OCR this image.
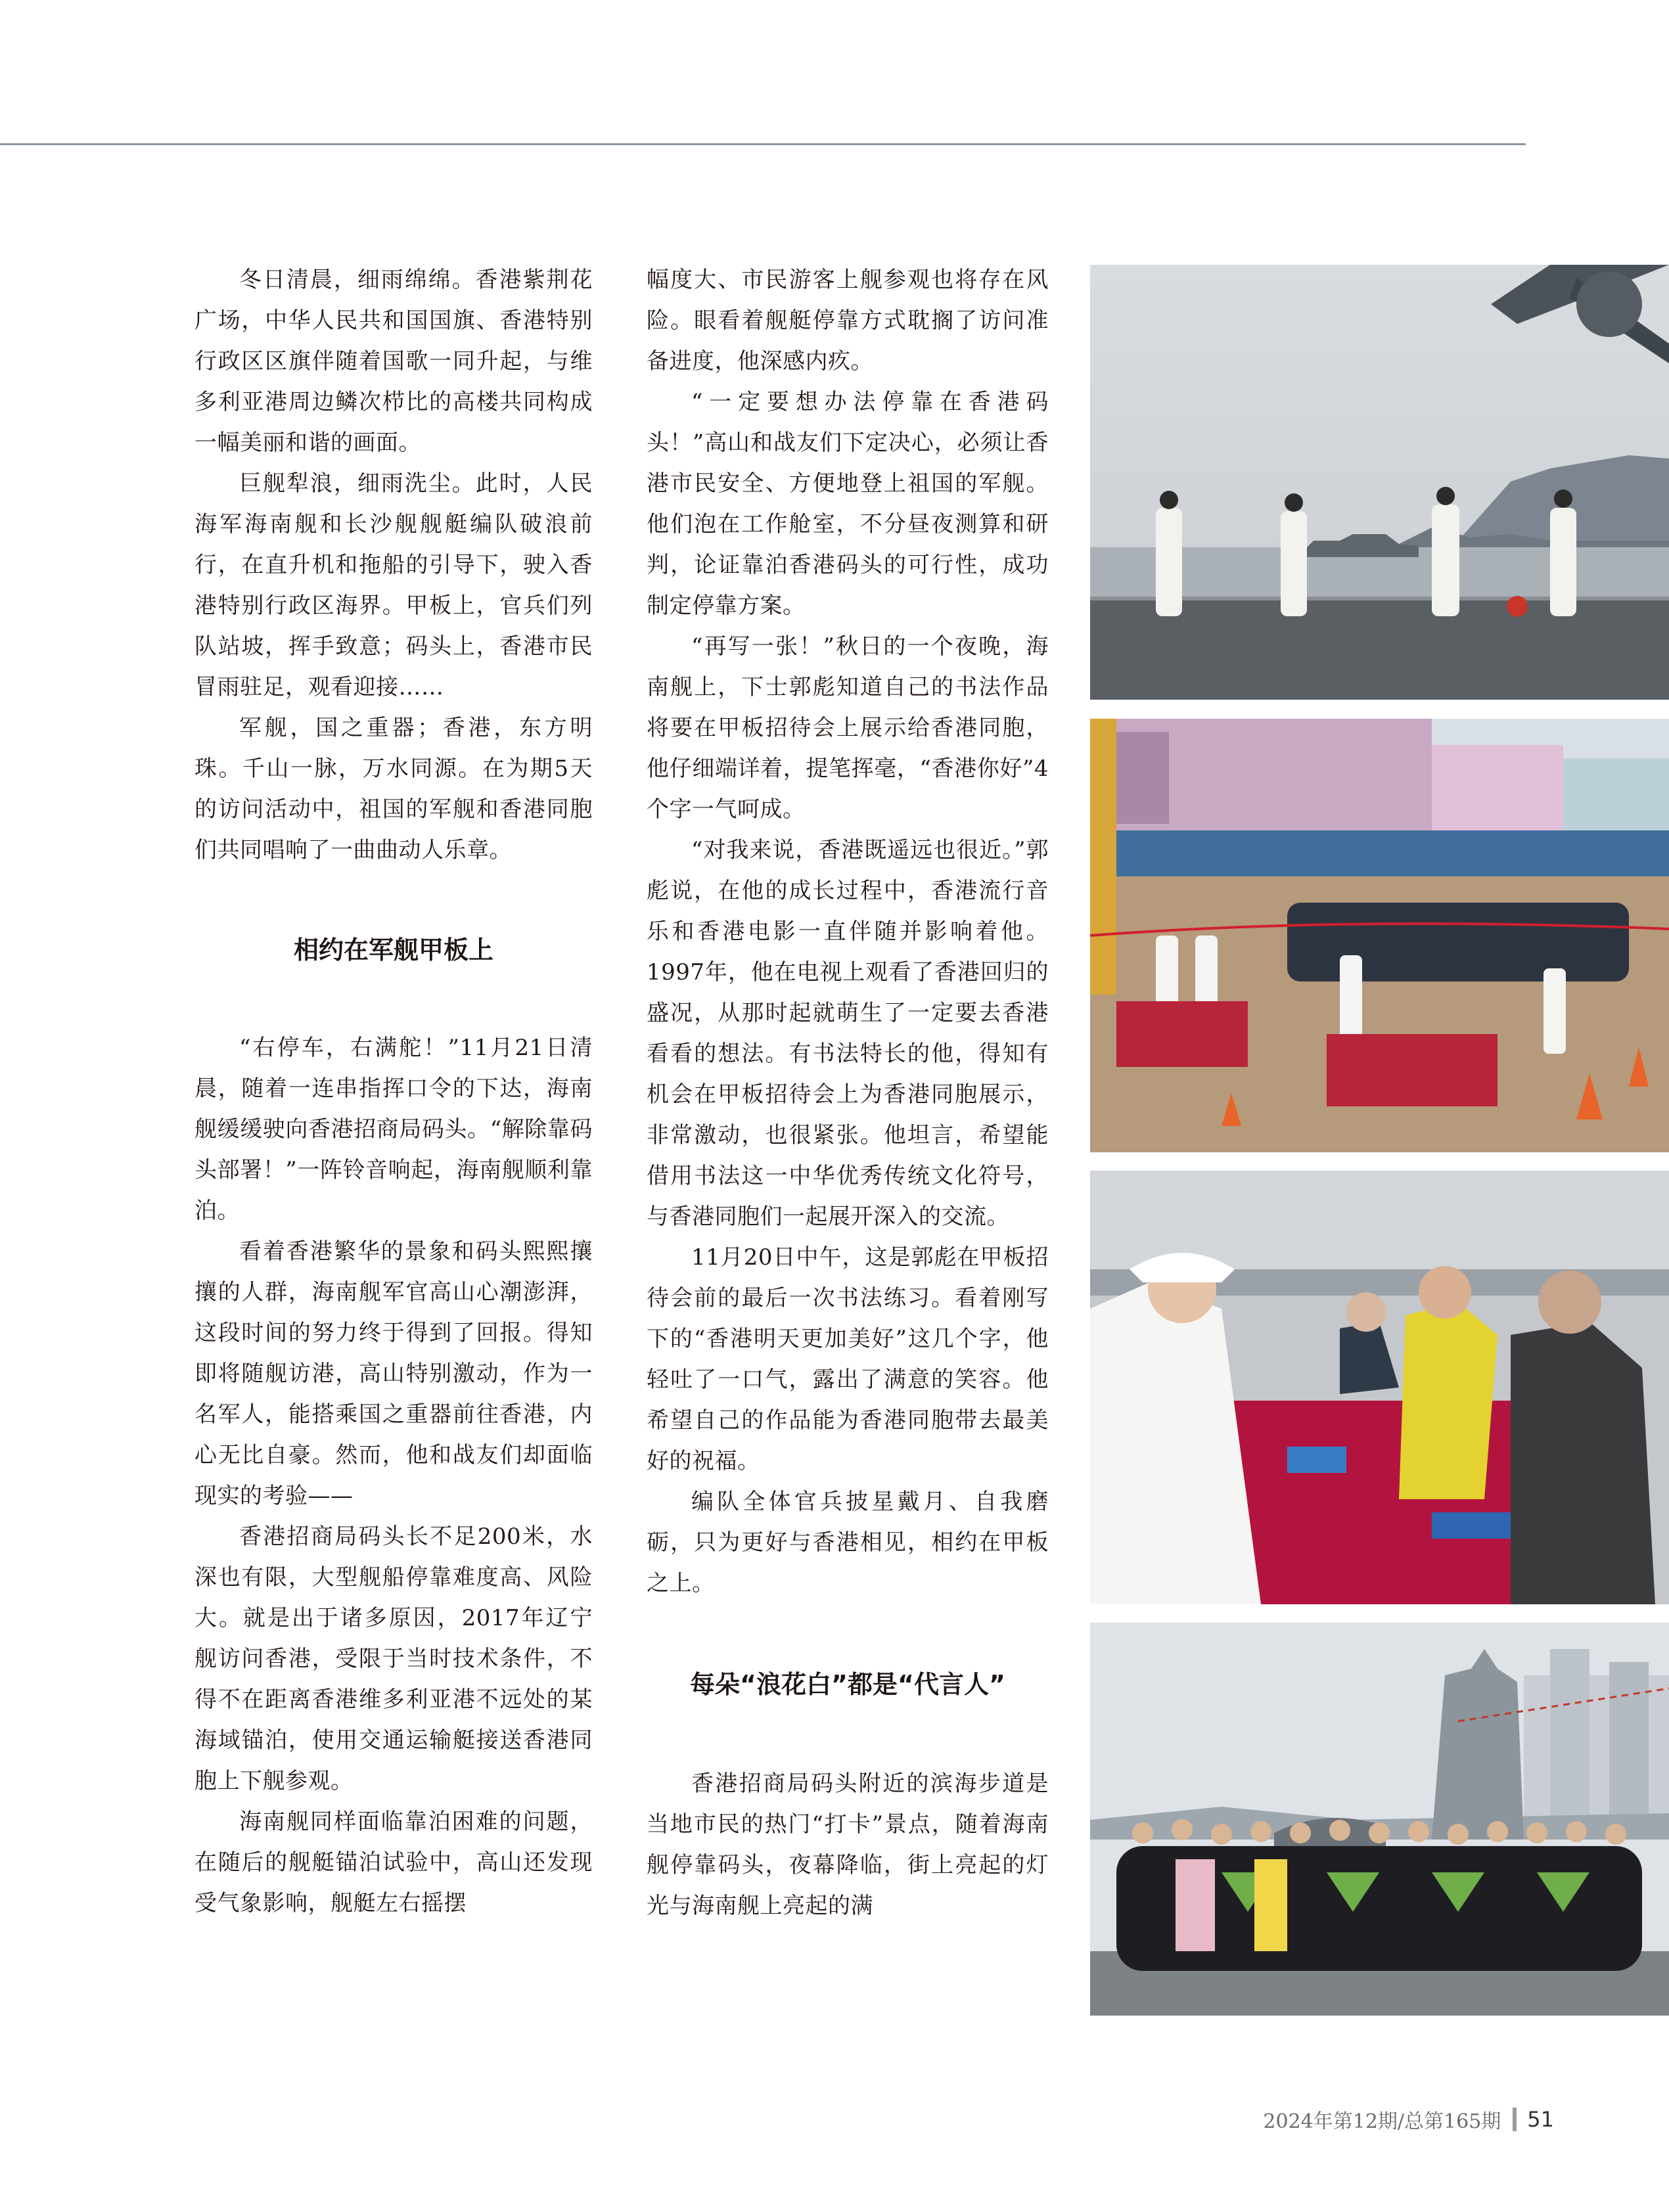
冬日清晨，细雨绵绵。香港紫荆花广场，中华人民共和国国旗、香港特别行政区区旗伴随着国歌一同升起，与维多利亚港周边鳞次栉比的高楼共同构成一幅美丽和谐的画面。

巨舰犁浪，细雨洗尘。此时，人民海军海南舰和长沙舰舰艇编队破浪前行，在直升机和拖船的引导下，驶入香港特别行政区海界。甲板上，官兵们列队站坡，挥手致意；码头上，香港市民冒雨驻足，观看迎接……

军舰，国之重器；香港，东方明珠。千山一脉，万水同源。在为期5天的访问活动中，祖国的军舰和香港同胞们共同唱响了一曲曲动人乐章。

相约在军舰甲板上

“右停车，右满舵！”11月21日清晨，随着一连串指挥口令的下达，海南舰缓缓驶向香港招商局码头。“解除靠码头部署！”一阵铃音响起，海南舰顺利靠泊。

看着香港繁华的景象和码头熙熙攘攘的人群，海南舰军官高山心潮澎湃，这段时间的努力终于得到了回报。得知即将随舰访港，高山特别激动，作为一名军人，能搭乘国之重器前往香港，内心无比自豪。然而，他和战友们却面临现实的考验——

香港招商局码头长不足200米，水深也有限，大型舰船停靠难度高、风险大。就是出于诸多原因，2017年辽宁舰访问香港，受限于当时技术条件，不得不在距离香港维多利亚港不远处的某海域锚泊，使用交通运输艇接送香港同胞上下舰参观。

海南舰同样面临靠泊困难的问题，在随后的舰艇锚泊试验中，高山还发现受气象影响，舰艇左右摇摆

幅度大、市民游客上舰参观也将存在风险。眼看着舰艇停靠方式耽搁了访问准备进度，他深感内疚。

“一定要想办法停靠在香港码头！”高山和战友们下定决心，必须让香港市民安全、方便地登上祖国的军舰。他们泡在工作舱室，不分昼夜测算和研判，论证靠泊香港码头的可行性，成功制定停靠方案。

“再写一张！”秋日的一个夜晚，海南舰上，下士郭彪知道自己的书法作品将要在甲板招待会上展示给香港同胞，他仔细端详着，提笔挥毫，“香港你好”4个字一气呵成。

“对我来说，香港既遥远也很近。”郭彪说，在他的成长过程中，香港流行音乐和香港电影一直伴随并影响着他。1997年，他在电视上观看了香港回归的盛况，从那时起就萌生了一定要去香港看看的想法。有书法特长的他，得知有机会在甲板招待会上为香港同胞展示，非常激动，也很紧张。他坦言，希望能借用书法这一中华优秀传统文化符号，与香港同胞们一起展开深入的交流。

11月20日中午，这是郭彪在甲板招待会前的最后一次书法练习。看着刚写下的“香港明天更加美好”这几个字，他轻吐了一口气，露出了满意的笑容。他希望自己的作品能为香港同胞带去最美好的祝福。

编队全体官兵披星戴月、自我磨砺，只为更好与香港相见，相约在甲板之上。

每朵“浪花白”都是“代言人”

香港招商局码头附近的滨海步道是当地市民的热门“打卡”景点，随着海南舰停靠码头，夜幕降临，街上亮起的灯光与海南舰上亮起的满

2024年第12期/总第165期 51
